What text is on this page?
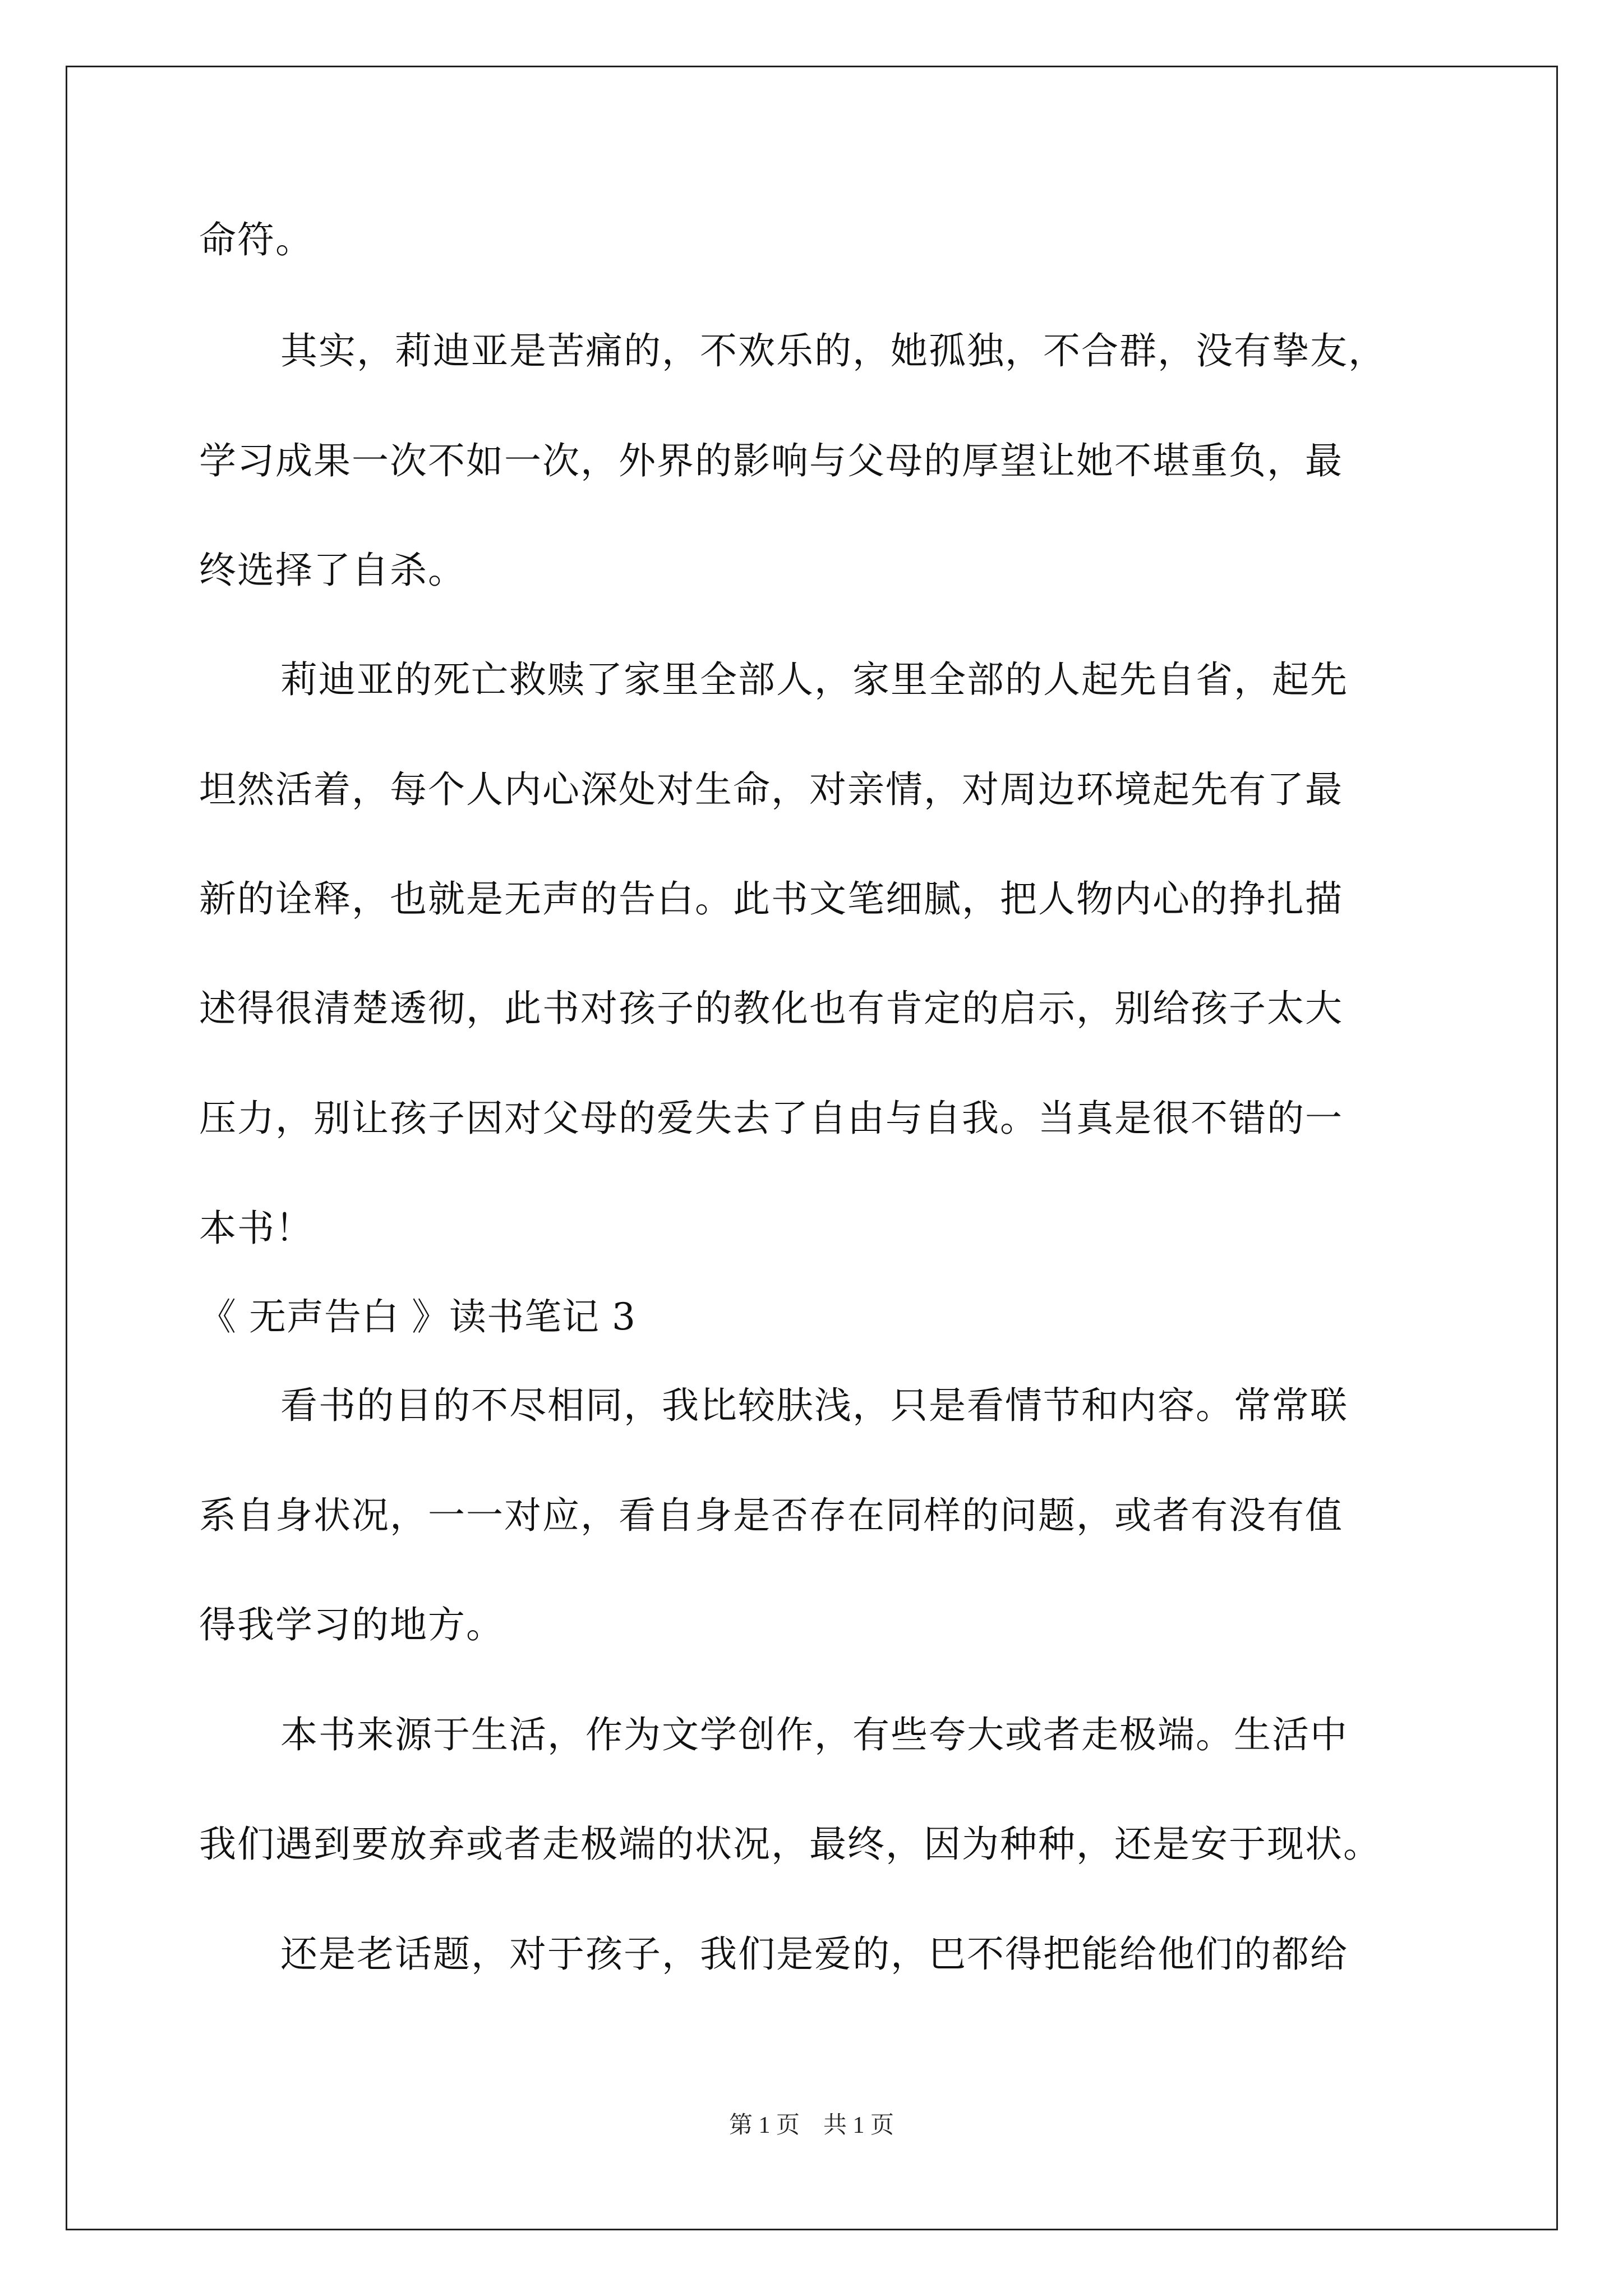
命符。
其实，莉迪亚是苦痛的，不欢乐的，她孤独，不合群，没有挚友，
学习成果一次不如一次，外界的影响与父母的厚望让她不堪重负，最
终选择了自杀。
莉迪亚的死亡救赎了家里全部人，家里全部的人起先自省，起先
坦然活着，每个人内心深处对生命，对亲情，对周边环境起先有了最
新的诠释，也就是无声的告白。此书文笔细腻，把人物内心的挣扎描
述得很清楚透彻，此书对孩子的教化也有肯定的启示，别给孩子太大
压力，别让孩子因对父母的爱失去了自由与自我。当真是很不错的一
本书！
《 无声告白 》读书笔记 3
看书的目的不尽相同，我比较肤浅，只是看情节和内容。常常联
系自身状况，一一对应，看自身是否存在同样的问题，或者有没有值
得我学习的地方。
本书来源于生活，作为文学创作，有些夸大或者走极端。生活中
我们遇到要放弃或者走极端的状况，最终，因为种种，还是安于现状。
还是老话题，对于孩子，我们是爱的，巴不得把能给他们的都给
第 1 页　共 1 页
